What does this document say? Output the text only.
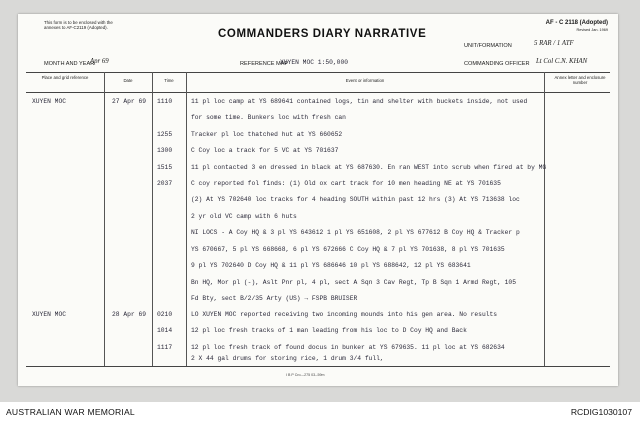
This form is to be enclosed with the
annexes to AF-C2119 (Adopted).
COMMANDERS DIARY NARRATIVE
AF - C 2118 (Adopted)
Revised Jan. 1969
UNIT/FORMATION	5 RAR / 1 ATF
MONTH AND YEAR
Apr 69	REFERENCE MAP
XUYEN MOC 1:50,000	COMMANDING OFFICER Lt Col C.N. KHAN
Place and grid reference
Date	Time	Event or information
Annex letter and enclosure number
XUYEN MOC	27 Apr 69 1110	11 pl loc camp at YS 689641 contained logs, tin and shelter with buckets inside, not used
for some time. Bunkers loc with fresh can
1255	Tracker pl loc thatched hut at YS 660652
1300	C Coy loc a track for 5 VC at YS 701637
1515	11 pl contacted 3 en dressed in black at YS 687630. En ran WEST into scrub when fired at by MG
2037	C coy reported fol finds: (1) Old ox cart track for 10 men heading NE at YS 701635
(2) At YS 702640 loc tracks for 4 heading SOUTH within past 12 hrs (3) At YS 713638 loc
2 yr old VC camp with 6 huts
NI LOCS - A Coy HQ & 3 pl YS 643612 1 pl YS 651608, 2 pl YS 677612 B Coy HQ & Tracker p
YS 670667, 5 pl YS 668668, 6 pl YS 672666 C Coy HQ & 7 pl YS 701638, 8 pl YS 701635
9 pl YS 702640 D Coy HQ & 11 pl YS 686646 10 pl YS 688642, 12 pl YS 683641
Bn HQ, Mor pl (-), Aslt Pnr pl, 4 pl, sect A Sqn 3 Cav Regt, Tp B Sqn 1 Armd Regt, 105
Fd Bty, sect B/2/35 Arty (US) → FSPB BRUISER
XUYEN MOC	28 Apr 69 0210	LO XUYEN MOC reported receiving two incoming mounds into his gen area. No results
1014	12 pl loc fresh tracks of 1 man leading from his loc to D Coy HQ and Back
1117	12 pl loc fresh track of found docus in bunker at YS 679635. 11 pl loc at YS 682634
2 X 44 gal drums for storing rice, 1 drum 3/4 full,
I B P Cro---275 03--59m
AUSTRALIAN WAR MEMORIAL	RCDIG1030107
